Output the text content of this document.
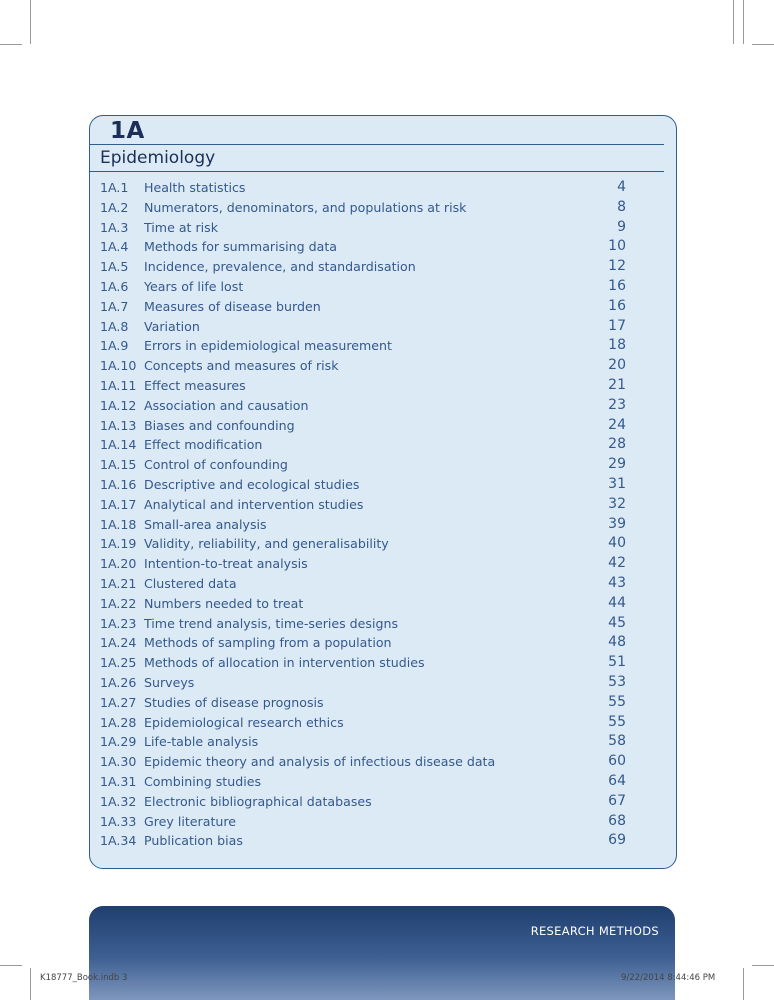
1A
Epidemiology
1A.1 Health statistics	4
1A.2 Numerators, denominators, and populations at risk	8
1A.3 Time at risk	9
1A.4 Methods for summarising data	10
1A.5 Incidence, prevalence, and standardisation	12
1A.6 Years of life lost	16
1A.7 Measures of disease burden	16
1A.8 Variation	17
1A.9 Errors in epidemiological measurement	18
1A.10 Concepts and measures of risk	20
1A.11 Effect measures	21
1A.12 Association and causation	23
1A.13 Biases and confounding	24
1A.14 Effect modification	28
1A.15 Control of confounding	29
1A.16 Descriptive and ecological studies	31
1A.17 Analytical and intervention studies	32
1A.18 Small-area analysis	39
1A.19 Validity, reliability, and generalisability	40
1A.20 Intention-to-treat analysis	42
1A.21 Clustered data	43
1A.22 Numbers needed to treat	44
1A.23 Time trend analysis, time-series designs	45
1A.24 Methods of sampling from a population	48
1A.25 Methods of allocation in intervention studies	51
1A.26 Surveys	53
1A.27 Studies of disease prognosis	55
1A.28 Epidemiological research ethics	55
1A.29 Life-table analysis	58
1A.30 Epidemic theory and analysis of infectious disease data	60
1A.31 Combining studies	64
1A.32 Electronic bibliographical databases	67
1A.33 Grey literature	68
1A.34 Publication bias	69
RESEARCH METHODS
K18777_Book.indb 3	9/22/2014 8:44:46 PM
